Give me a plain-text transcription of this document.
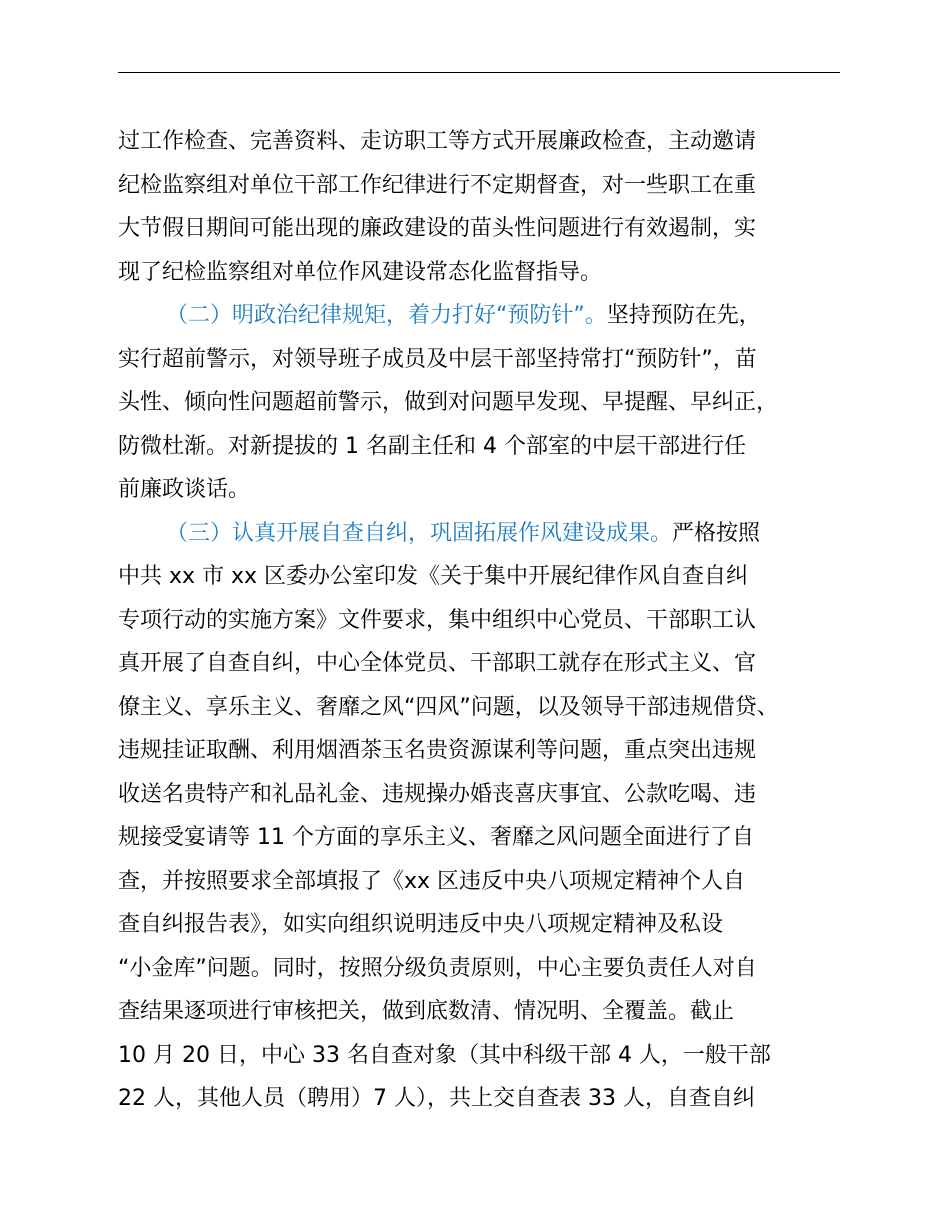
过工作检查、完善资料、走访职工等方式开展廉政检查，主动邀请
纪检监察组对单位干部工作纪律进行不定期督查，对一些职工在重
大节假日期间可能出现的廉政建设的苗头性问题进行有效遏制，实
现了纪检监察组对单位作风建设常态化监督指导。
（二）明政治纪律规矩，着力打好“预防针”。坚持预防在先，
实行超前警示，对领导班子成员及中层干部坚持常打“预防针”，苗
头性、倾向性问题超前警示，做到对问题早发现、早提醒、早纠正，
防微杜渐。对新提拔的 1 名副主任和 4 个部室的中层干部进行任
前廉政谈话。
（三）认真开展自查自纠，巩固拓展作风建设成果。严格按照
中共 xx 市 xx 区委办公室印发《关于集中开展纪律作风自查自纠
专项行动的实施方案》文件要求，集中组织中心党员、干部职工认
真开展了自查自纠，中心全体党员、干部职工就存在形式主义、官
僚主义、享乐主义、奢靡之风“四风”问题，以及领导干部违规借贷、
违规挂证取酬、利用烟酒茶玉名贵资源谋利等问题，重点突出违规
收送名贵特产和礼品礼金、违规操办婚丧喜庆事宜、公款吃喝、违
规接受宴请等 11 个方面的享乐主义、奢靡之风问题全面进行了自
查，并按照要求全部填报了《xx 区违反中央八项规定精神个人自
查自纠报告表》，如实向组织说明违反中央八项规定精神及私设
“小金库”问题。同时，按照分级负责原则，中心主要负责任人对自
查结果逐项进行审核把关，做到底数清、情况明、全覆盖。截止
10 月 20 日，中心 33 名自查对象（其中科级干部 4 人，一般干部
22 人，其他人员（聘用）7 人），共上交自查表 33 人，自查自纠
